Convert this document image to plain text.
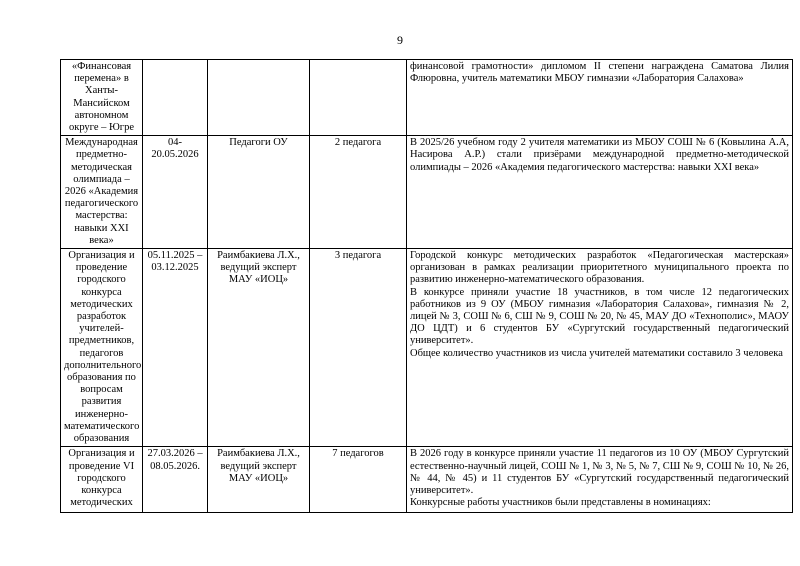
9
«Финансовая перемена» в Ханты-Мансийском автономном округе – Югре				финансовой грамотности» дипломом II степени награждена Саматова Лилия Флюровна, учитель математики МБОУ гимназии «Лаборатория Салахова»
Международная предметно-методическая олимпиада – 2026 «Академия педагогического мастерства: навыки XXI века»	04-20.05.2026	Педагоги ОУ	2 педагога	В 2025/26 учебном году 2 учителя математики из МБОУ СОШ № 6 (Ковылина А.А, Насирова А.Р.) стали призёрами международной предметно-методической олимпиады – 2026 «Академия педагогического мастерства: навыки XXI века»
Организация и проведение городского конкурса методических разработок учителей-предметников, педагогов дополнительного образования по вопросам развития инженерно-математического образования	05.11.2025 – 03.12.2025	Раимбакиева Л.Х., ведущий эксперт МАУ «ИОЦ»	3 педагога	Городской конкурс методических разработок «Педагогическая мастерская» организован в рамках реализации приоритетного муниципального проекта по развитию инженерно-математического образования.
В конкурсе приняли участие 18 участников, в том числе 12 педагогических работников из 9 ОУ (МБОУ гимназия «Лаборатория Салахова», гимназия № 2, лицей № 3, СОШ № 6, СШ № 9, СОШ № 20, № 45, МАУ ДО «Технополис», МАОУ ДО ЦДТ) и 6 студентов БУ «Сургутский государственный педагогический университет».
Общее количество участников из числа учителей математики составило 3 человека

Организация и проведение VI городского конкурса методических	27.03.2026 – 08.05.2026.	Раимбакиева Л.Х., ведущий эксперт МАУ «ИОЦ»	7 педагогов	В 2026 году в конкурсе приняли участие 11 педагогов из 10 ОУ (МБОУ Сургутский естественно-научный лицей, СОШ № 1, № 3, № 5, № 7, СШ № 9, СОШ № 10, № 26, № 44, № 45) и 11 студентов БУ «Сургутский государственный педагогический университет».
Конкурсные работы участников были представлены в номинациях:
